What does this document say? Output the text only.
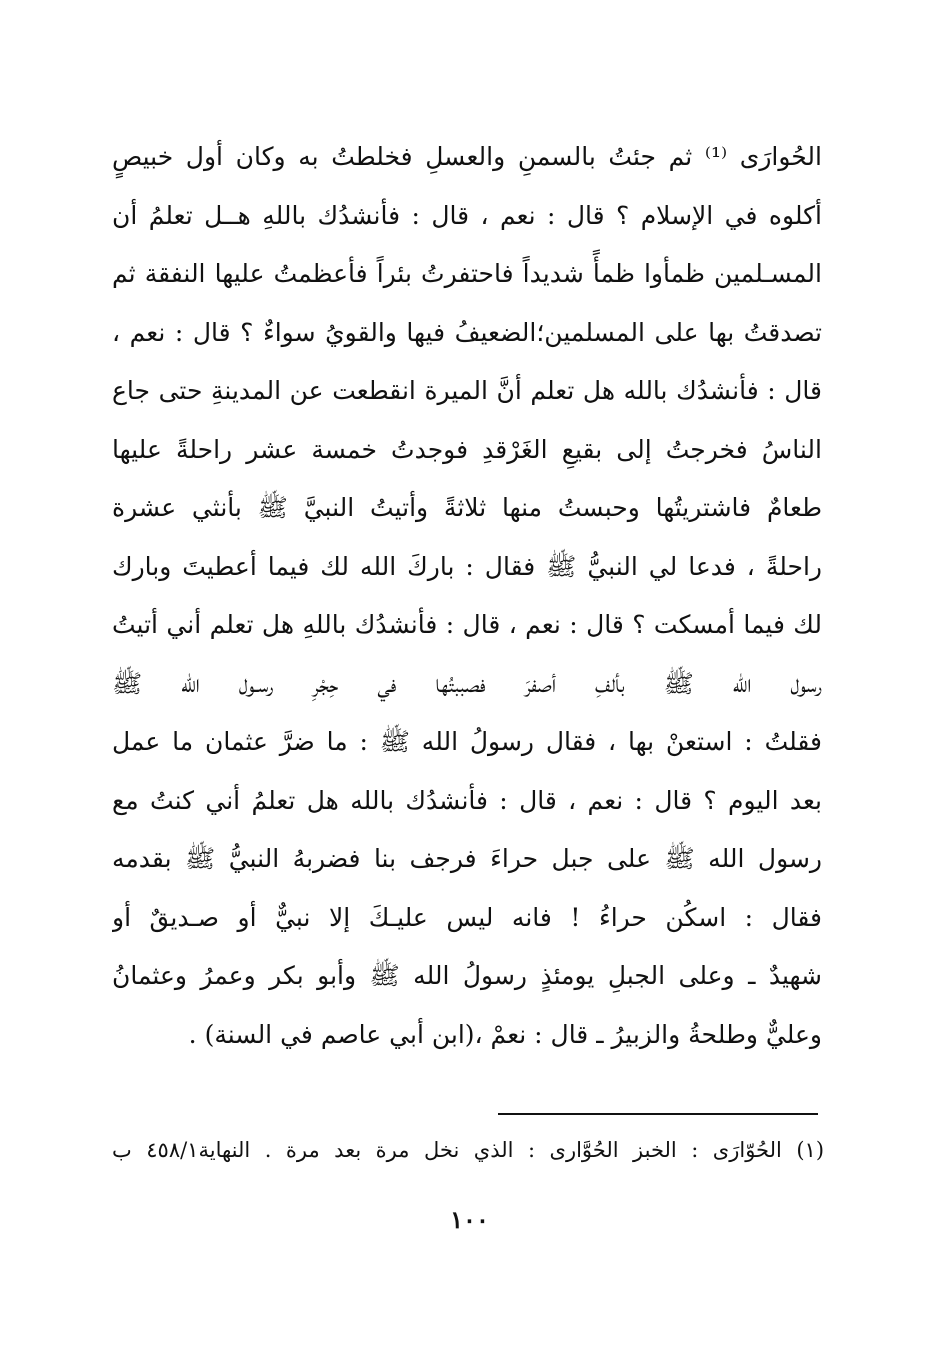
الحُوارَى ⁽¹⁾ ثم جئتُ بالسمنِ والعسلِ فخلطتُ به وكان أول خبيصٍ
أكلوه في الإسلام ؟ قال : نعم ، قال : فأنشدُك باللهِ هــل تعلمُ أن
المسـلمين ظمأوا ظمأً شديداً فاحتفرتُ بئراً فأعظمتُ عليها النفقة ثم
تصدقتُ بها على المسلمين؛الضعيفُ فيها والقويُ سواءٌ ؟ قال : نعم ،
قال : فأنشدُك بالله هل تعلم أنَّ الميرة انقطعت عن المدينةِ حتى جاع
الناسُ فخرجتُ إلى بقيعِ الغَرْقدِ فوجدتُ خمسة عشر راحلةً عليها
طعامٌ فاشتريتُها وحبستُ منها ثلاثةً وأتيتُ النبيَّ ﷺ بأنثي عشرة
راحلةً ، فدعا لي النبيُّ ﷺ فقال : باركَ الله لك فيما أعطيتَ وبارك
لك فيما أمسكت ؟ قال : نعم ، قال : فأنشدُك باللهِ هل تعلم أني أتيتُ
رسول الله ﷺ بألفِ أصفرَ فصببتُها في حِجْرِ رسـول الله ﷺ
فقلتُ : استعنْ بها ، فقال رسولُ الله ﷺ : ما ضرَّ عثمان ما عمل
بعد اليوم ؟ قال : نعم ، قال : فأنشدُك بالله هل تعلمُ أني كنتُ مع
رسول الله ﷺ على جبل حراءَ فرجف بنا فضربهُ النبيُّ ﷺ بقدمه
فقال : اسكُن حراءُ ! فانه ليس عليـكَ إلا نبيٌّ أو صـديقٌ أو
شهيدٌ ـ وعلى الجبلِ يومئذٍ رسولُ الله ﷺ وأبو بكر وعمرُ وعثمانُ
وعليٌّ وطلحةُ والزبيرُ ـ قال : نعمْ ،(ابن أبي عاصم في السنة) .
(۱) الحُوّارَى : الخبز الحُوَّارى : الذي نخل مرة بعد مرة . النهاية٤٥٨/١ ب
١٠٠
